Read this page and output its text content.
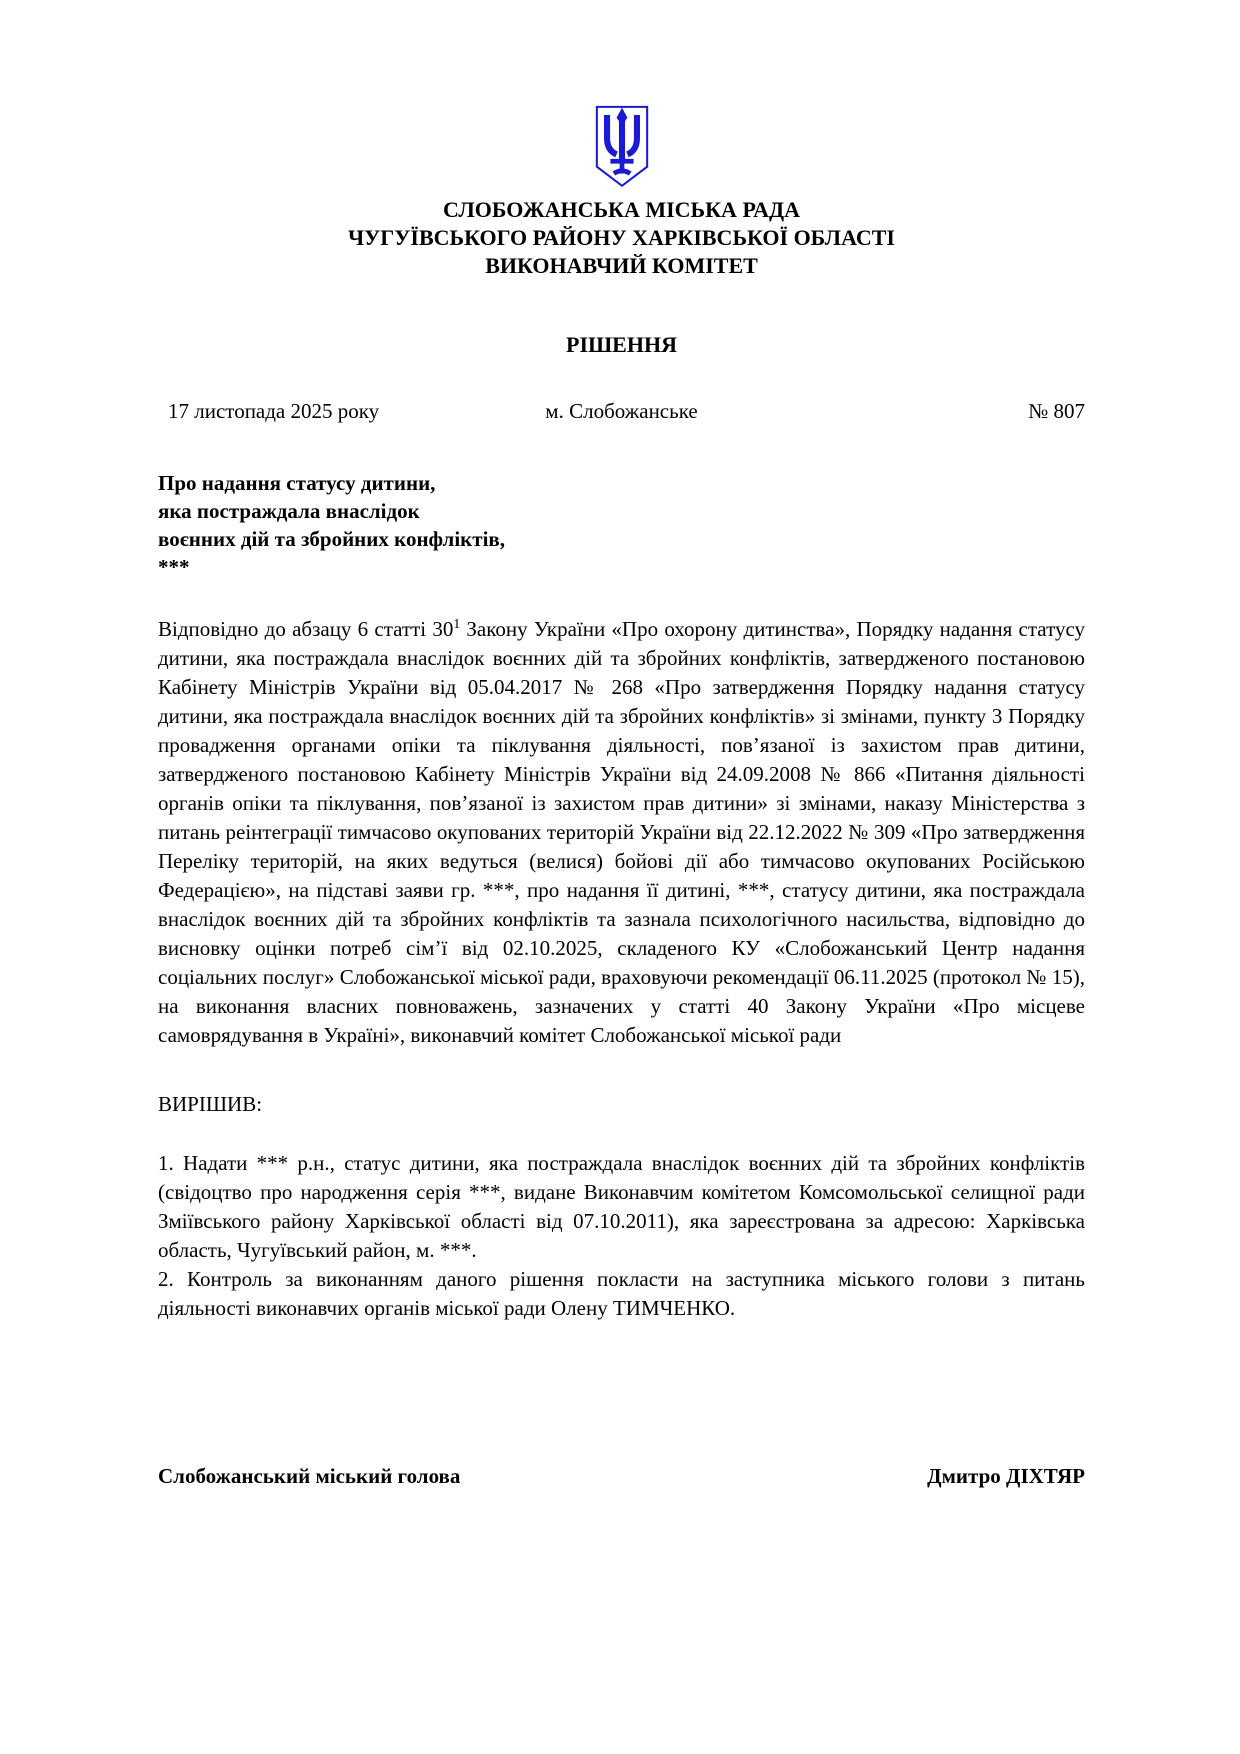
СЛОБОЖАНСЬКА МІСЬКА РАДА
ЧУГУЇВСЬКОГО РАЙОНУ ХАРКІВСЬКОЇ ОБЛАСТІ
ВИКОНАВЧИЙ КОМІТЕТ
РІШЕННЯ
17 листопада 2025 року	м. Слобожанське	№ 807
Про надання статусу дитини,
яка постраждала внаслідок
воєнних дій та збройних конфліктів,
***

Відповідно до абзацу 6 статті $30^1$ Закону України «Про охорону дитинства», Порядку надання статусу дитини, яка постраждала внаслідок воєнних дій та збройних конфліктів, затвердженого постановою Кабінету Міністрів України від 05.04.2017 № 268 «Про затвердження Порядку надання статусу дитини, яка постраждала внаслідок воєнних дій та збройних конфліктів» зі змінами, пункту 3 Порядку провадження органами опіки та піклування діяльності, пов’язаної із захистом прав дитини, затвердженого постановою Кабінету Міністрів України від 24.09.2008 № 866 «Питання діяльності органів опіки та піклування, пов’язаної із захистом прав дитини» зі змінами, наказу Міністерства з питань реінтеграції тимчасово окупованих територій України від 22.12.2022 № 309 «Про затвердження Переліку територій, на яких ведуться (велися) бойові дії або тимчасово окупованих Російською Федерацією», на підставі заяви гр. ***, про надання її дитині, ***, статусу дитини, яка постраждала внаслідок воєнних дій та збройних конфліктів та зазнала психологічного насильства, відповідно до висновку оцінки потреб сім’ї від 02.10.2025, складеного КУ «Слобожанський Центр надання соціальних послуг» Слобожанської міської ради, враховуючи рекомендації 06.11.2025 (протокол № 15), на виконання власних повноважень, зазначених у статті 40 Закону України «Про місцеве самоврядування в Україні», виконавчий комітет Слобожанської міської ради

ВИРІШИВ:

1. Надати *** р.н., статус дитини, яка постраждала внаслідок воєнних дій та збройних конфліктів (свідоцтво про народження серія ***, видане Виконавчим комітетом Комсомольської селищної ради Зміївського району Харківської області від 07.10.2011), яка зареєстрована за адресою: Харківська область, Чугуївський район, м. ***.

2. Контроль за виконанням даного рішення покласти на заступника міського голови з питань діяльності виконавчих органів міської ради Олену ТИМЧЕНКО.

Слобожанський міський голова	Дмитро ДІХТЯР
